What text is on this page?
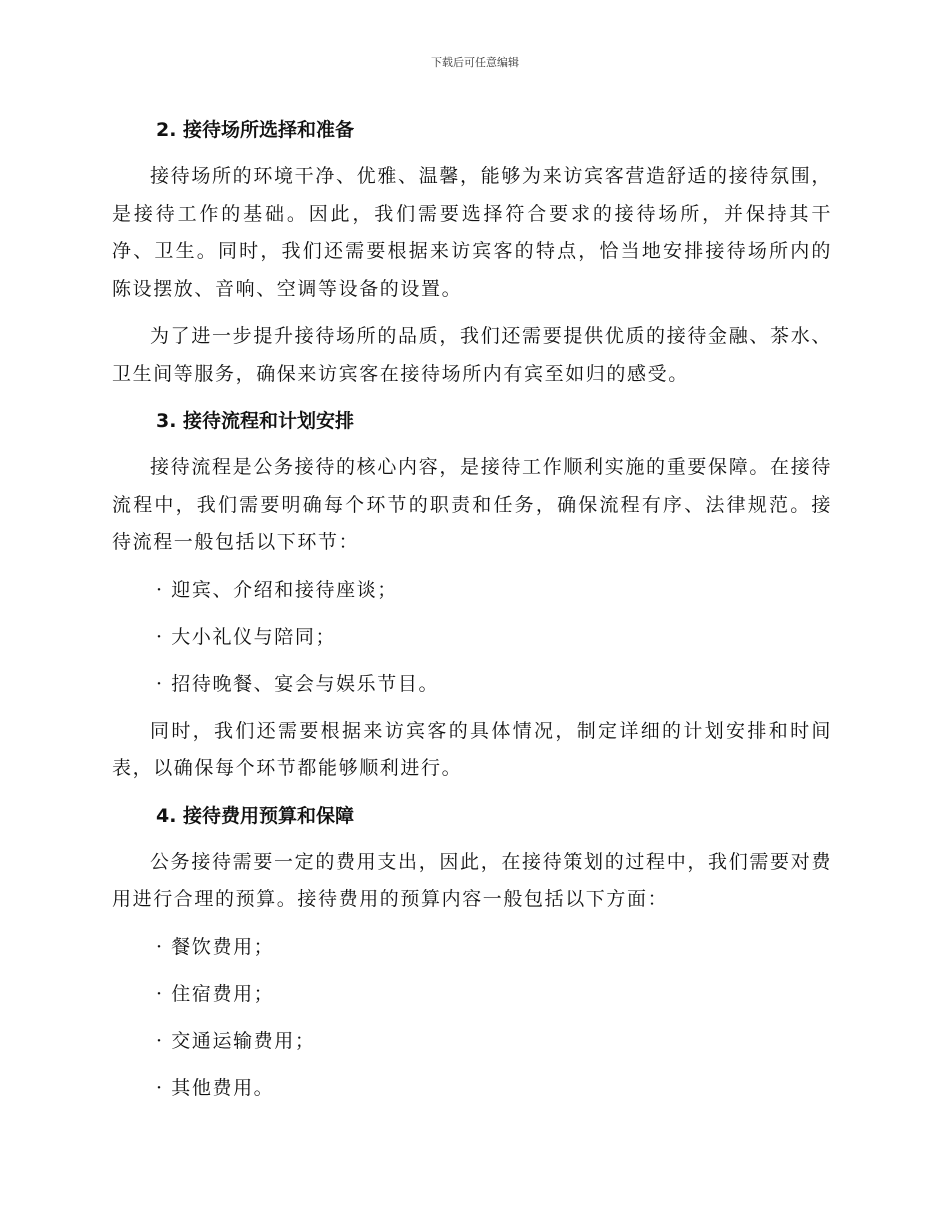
下载后可任意编辑
2. 接待场所选择和准备

接待场所的环境干净、优雅、温馨，能够为来访宾客营造舒适的接待氛围，是接待工作的基础。因此，我们需要选择符合要求的接待场所，并保持其干净、卫生。同时，我们还需要根据来访宾客的特点，恰当地安排接待场所内的陈设摆放、音响、空调等设备的设置。

为了进一步提升接待场所的品质，我们还需要提供优质的接待金融、茶水、卫生间等服务，确保来访宾客在接待场所内有宾至如归的感受。

3. 接待流程和计划安排

接待流程是公务接待的核心内容，是接待工作顺利实施的重要保障。在接待流程中，我们需要明确每个环节的职责和任务，确保流程有序、法律规范。接待流程一般包括以下环节：

· 迎宾、介绍和接待座谈；
· 大小礼仪与陪同；
· 招待晚餐、宴会与娱乐节目。

同时，我们还需要根据来访宾客的具体情况，制定详细的计划安排和时间表，以确保每个环节都能够顺利进行。

4. 接待费用预算和保障

公务接待需要一定的费用支出，因此，在接待策划的过程中，我们需要对费用进行合理的预算。接待费用的预算内容一般包括以下方面：

· 餐饮费用；
· 住宿费用；
· 交通运输费用；
· 其他费用。
